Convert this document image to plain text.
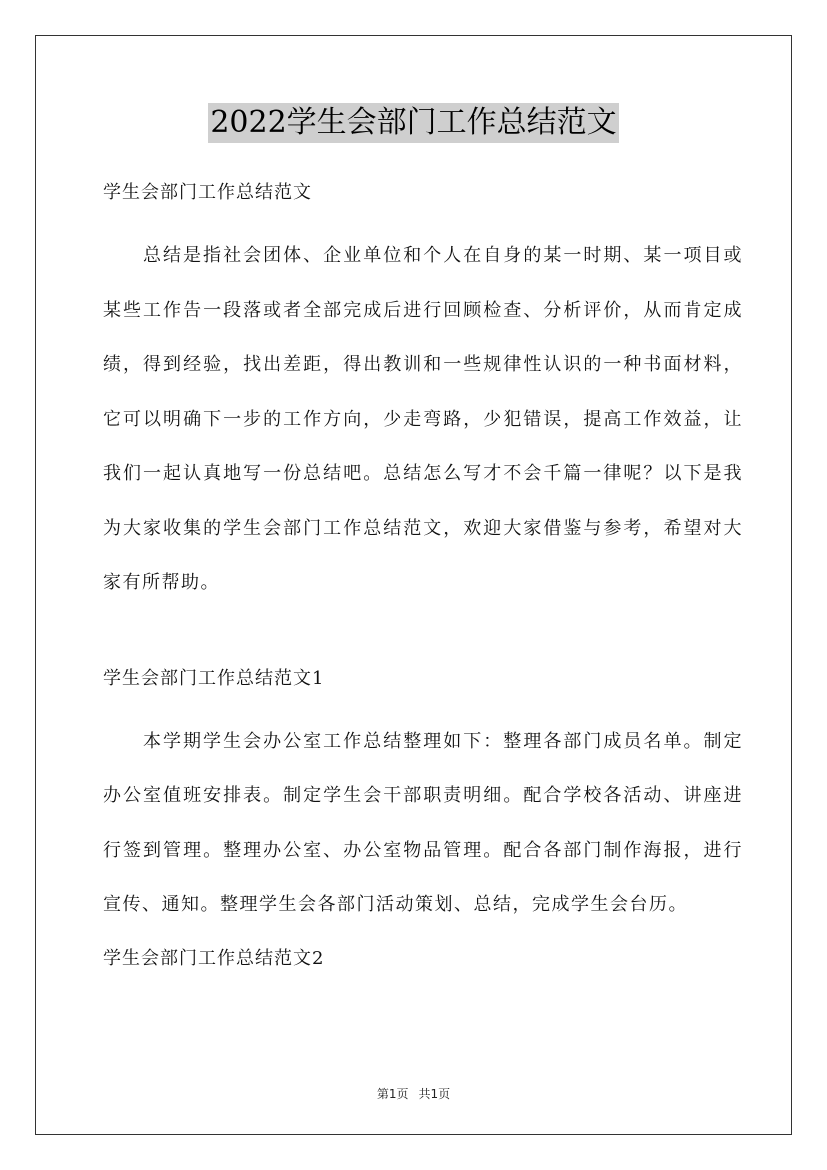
2022学生会部门工作总结范文

学生会部门工作总结范文

总结是指社会团体、企业单位和个人在自身的某一时期、某一项目或某些工作告一段落或者全部完成后进行回顾检查、分析评价，从而肯定成绩，得到经验，找出差距，得出教训和一些规律性认识的一种书面材料，它可以明确下一步的工作方向，少走弯路，少犯错误，提高工作效益，让我们一起认真地写一份总结吧。总结怎么写才不会千篇一律呢？以下是我为大家收集的学生会部门工作总结范文，欢迎大家借鉴与参考，希望对大家有所帮助。

学生会部门工作总结范文1

本学期学生会办公室工作总结整理如下：整理各部门成员名单。制定办公室值班安排表。制定学生会干部职责明细。配合学校各活动、讲座进行签到管理。整理办公室、办公室物品管理。配合各部门制作海报，进行宣传、通知。整理学生会各部门活动策划、总结，完成学生会台历。

学生会部门工作总结范文2

第1页 共1页
